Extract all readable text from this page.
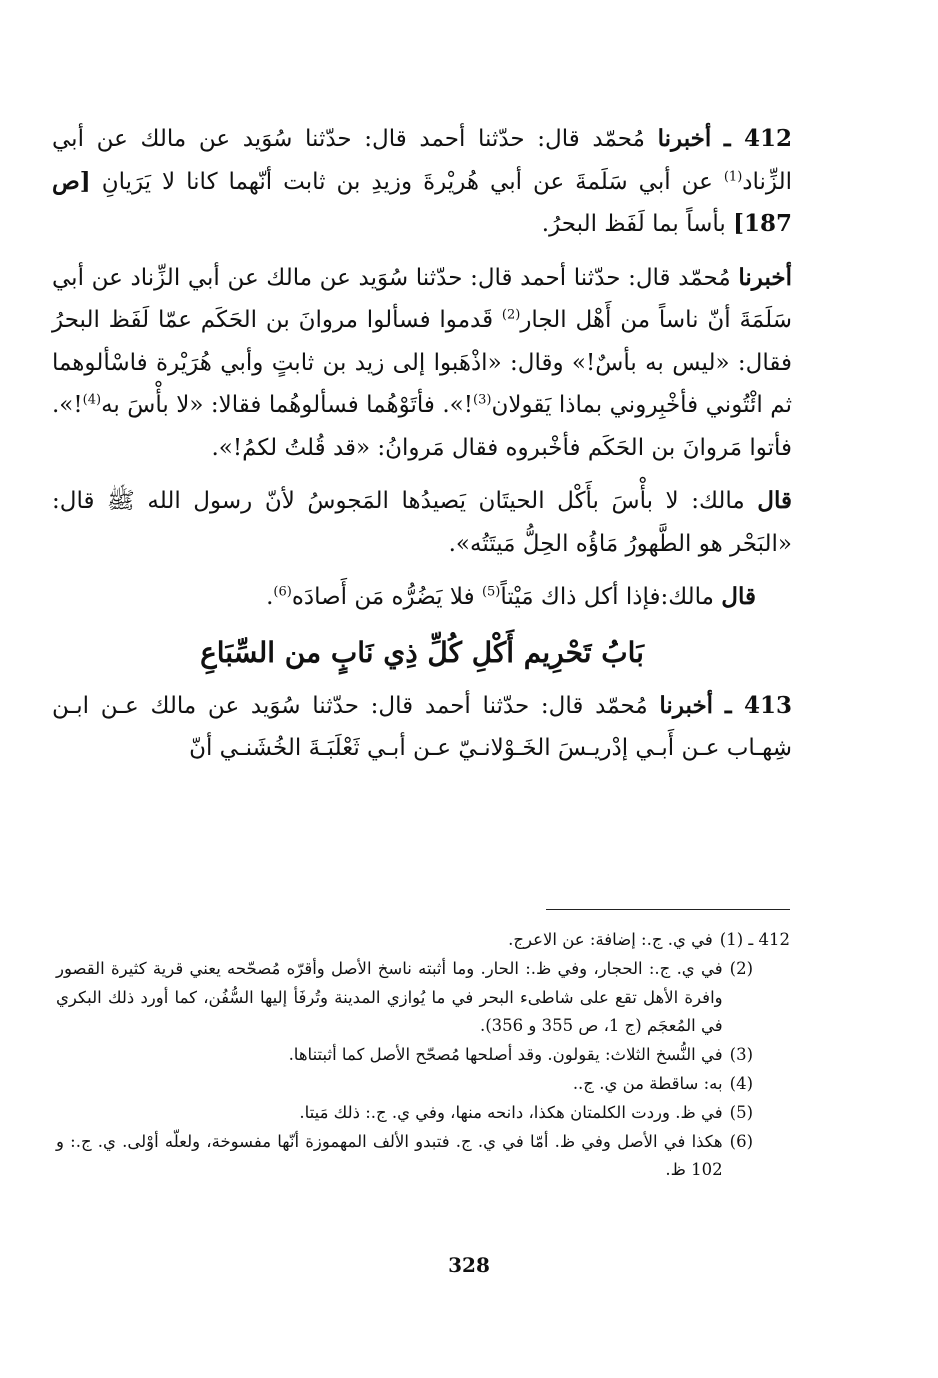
412 ـ أخبرنا مُحمّد قال: حدّثنا أحمد قال: حدّثنا سُوَيد عن مالك عن أبي الزِّناد$^{(1)}$ عن أبي سَلَمةَ عن أبي هُريْرةَ وزيدِ بن ثابت أنّهما كانا لا يَرَيانِ [ص 187] بأساً بما لَفَظ البحرُ.

أخبرنا مُحمّد قال: حدّثنا أحمد قال: حدّثنا سُوَيد عن مالك عن أبي الزِّناد عن أبي سَلَمَةَ أنّ ناساً من أَهْل الجار$^{(2)}$ قَدموا فسألوا مروانَ بن الحَكَم عمّا لَفَظ البحرُ فقال: «ليس به بأسٌ!» وقال: «اذْهَبوا إلى زيد بن ثابتٍ وأبي هُرَيْرة فاسْألوهما ثم ائْتُوني فأخْبِروني بماذا يَقولان$^{(3)}$!». فأتَوْهُما فسألوهُما فقالا: «لا بأْسَ به$^{(4)}$!». فأتوا مَروانَ بن الحَكَم فأخْبروه فقال مَروانُ: «قد قُلتُ لكمُ!».

قال مالك: لا بأْسَ بأَكْل الحيتَان يَصيدُها المَجوسُ لأنّ رسول الله ﷺ قال: «البَحْر هو الطَّهورُ مَاؤُه الحِلُّ مَيتَتُه».

قال مالك:فإذا أكل ذاك مَيْتاً$^{(5)}$ فلا يَضُرُّه مَن أَصادَه$^{(6)}$.

بَابُ تَحْرِيم أَكْلِ كُلِّ ذِي نَابٍ من السِّبَاعِ

413 ـ أخبرنا مُحمّد قال: حدّثنا أحمد قال: حدّثنا سُوَيد عن مالك عـن ابـن شِهـاب عـن أَبـي إدْريـسَ الخَـوْلانـيّ عـن أبـي ثَعْلَبَـةَ الخُشَنـي أنّ

412 ـ (1)
في ي. ج.: إضافة: عن الاعرج.
(2)
في ي. ج.: الحجار، وفي ظ.: الحار. وما أثبته ناسخ الأصل وأقرّه مُصحّحه يعني قرية كثيرة القصور وافرة الأهل تقع على شاطىء البحر في ما يُوازي المدينة وتُرفَأ إليها السُّفُن، كما أورد ذلك البكري في المُعجَم (ج 1، ص 355 و 356).
(3)
في النُّسخ الثلاث: يقولون. وقد أصلحها مُصحّح الأصل كما أثبتناها.
(4)
به: ساقطة من ي. ج..
(5)
في ظ. وردت الكلمتان هكذا، دانحه منها، وفي ي. ج.: ذلك مَيتا.
(6)
هكذا في الأصل وفي ظ. أمّا في ي. ج. فتبدو الألف المهموزة أنّها مفسوخة، ولعلّه أوْلى. ي. ج.: و 102 ظ.
328
